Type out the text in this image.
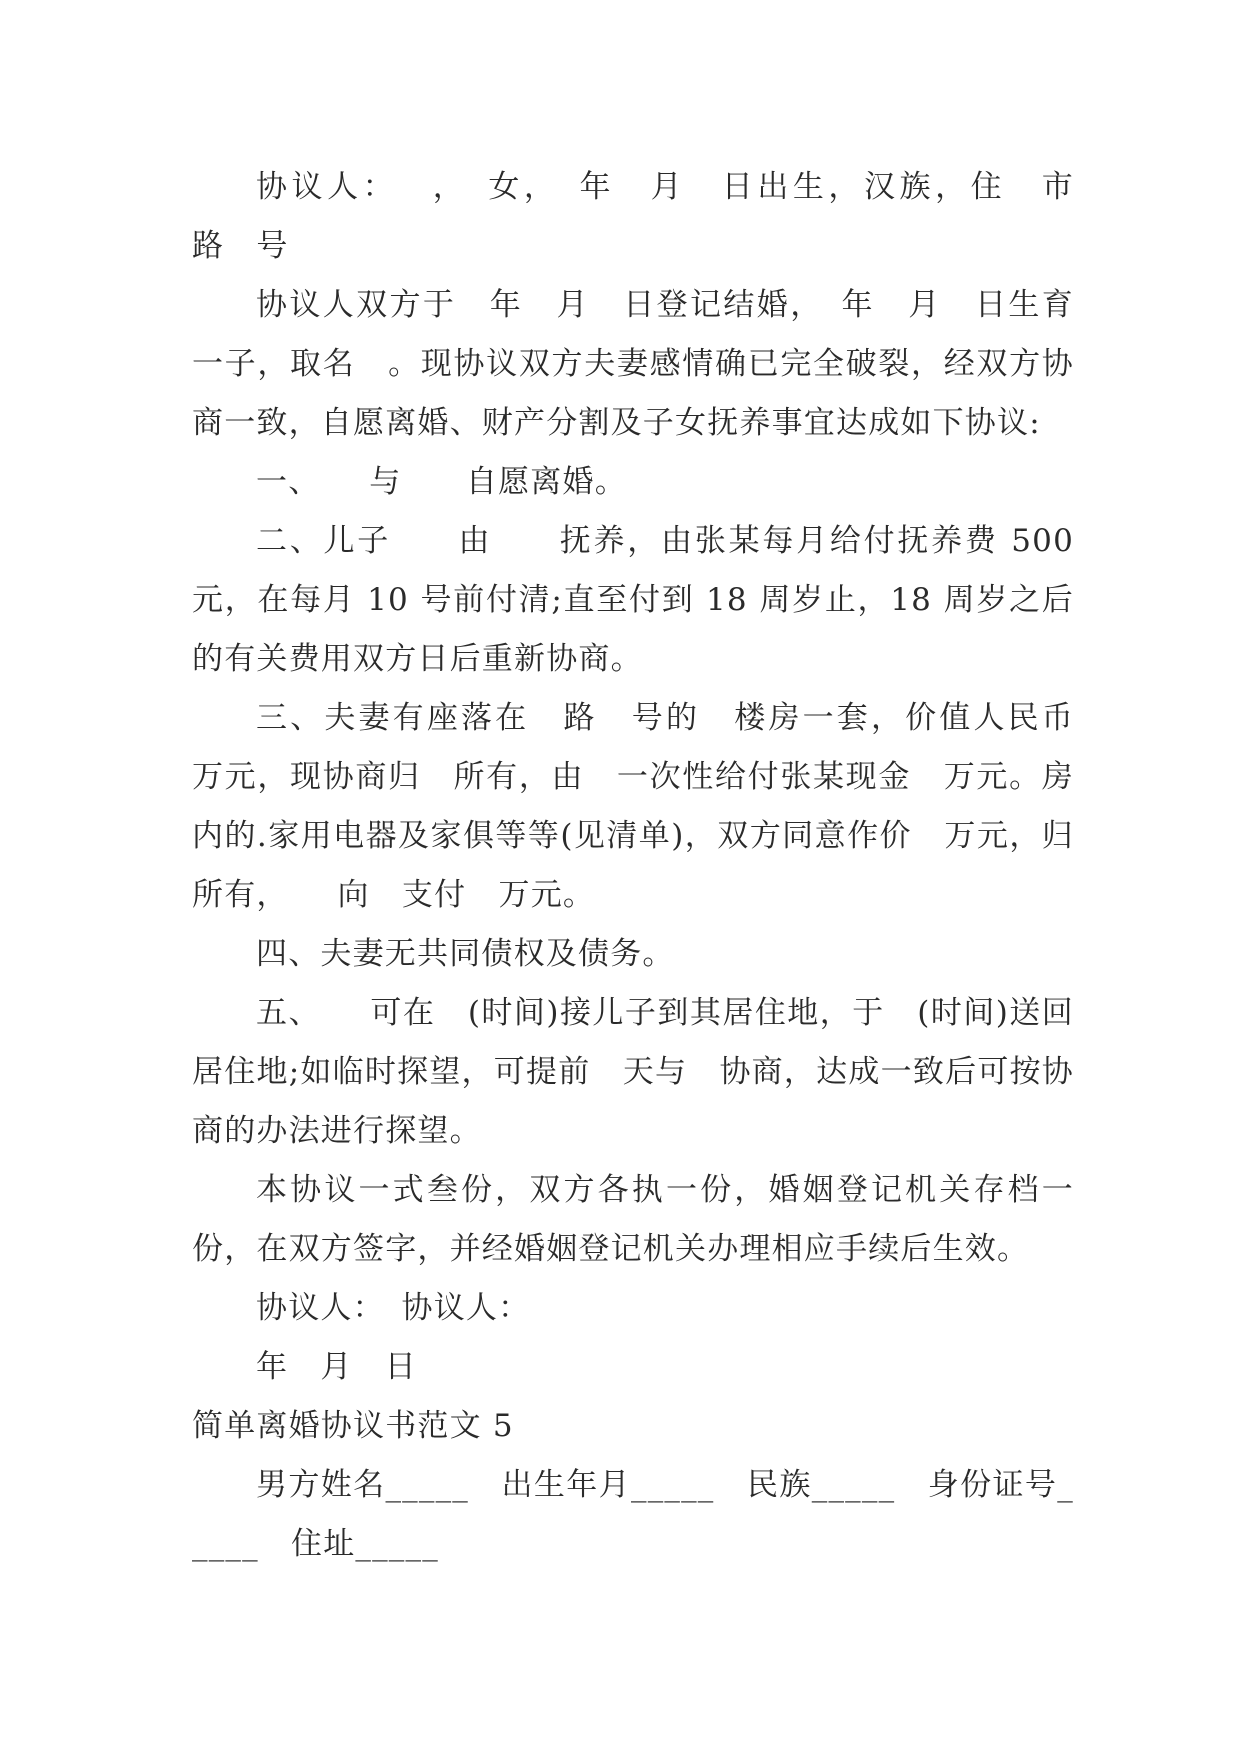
协议人：　 ，　女，　年　月　日出生，汉族，住　市　　路　号

协议人双方于　年　月　日登记结婚，　年　月　日生育一子，取名　。现协议双方夫妻感情确已完全破裂，经双方协商一致，自愿离婚、财产分割及子女抚养事宜达成如下协议:

一、　　与　　自愿离婚。

二、儿子　　由　　抚养，由张某每月给付抚养费 500 元，在每月 10 号前付清;直至付到 18 周岁止，18 周岁之后的有关费用双方日后重新协商。

三、夫妻有座落在　路　号的　楼房一套，价值人民币　万元，现协商归　所有，由　一次性给付张某现金　万元。房内的.家用电器及家俱等等(见清单)，双方同意作价　万元，归　所有，　　向　支付　万元。

四、夫妻无共同债权及债务。

五、　　可在　(时间)接儿子到其居住地，于　(时间)送回居住地;如临时探望，可提前　天与　协商，达成一致后可按协商的办法进行探望。

本协议一式叁份，双方各执一份，婚姻登记机关存档一份，在双方签字，并经婚姻登记机关办理相应手续后生效。

协议人：　协议人：

年　月　日

简单离婚协议书范文 5

男方姓名_____　出生年月_____　民族_____　身份证号_____　住址_____
